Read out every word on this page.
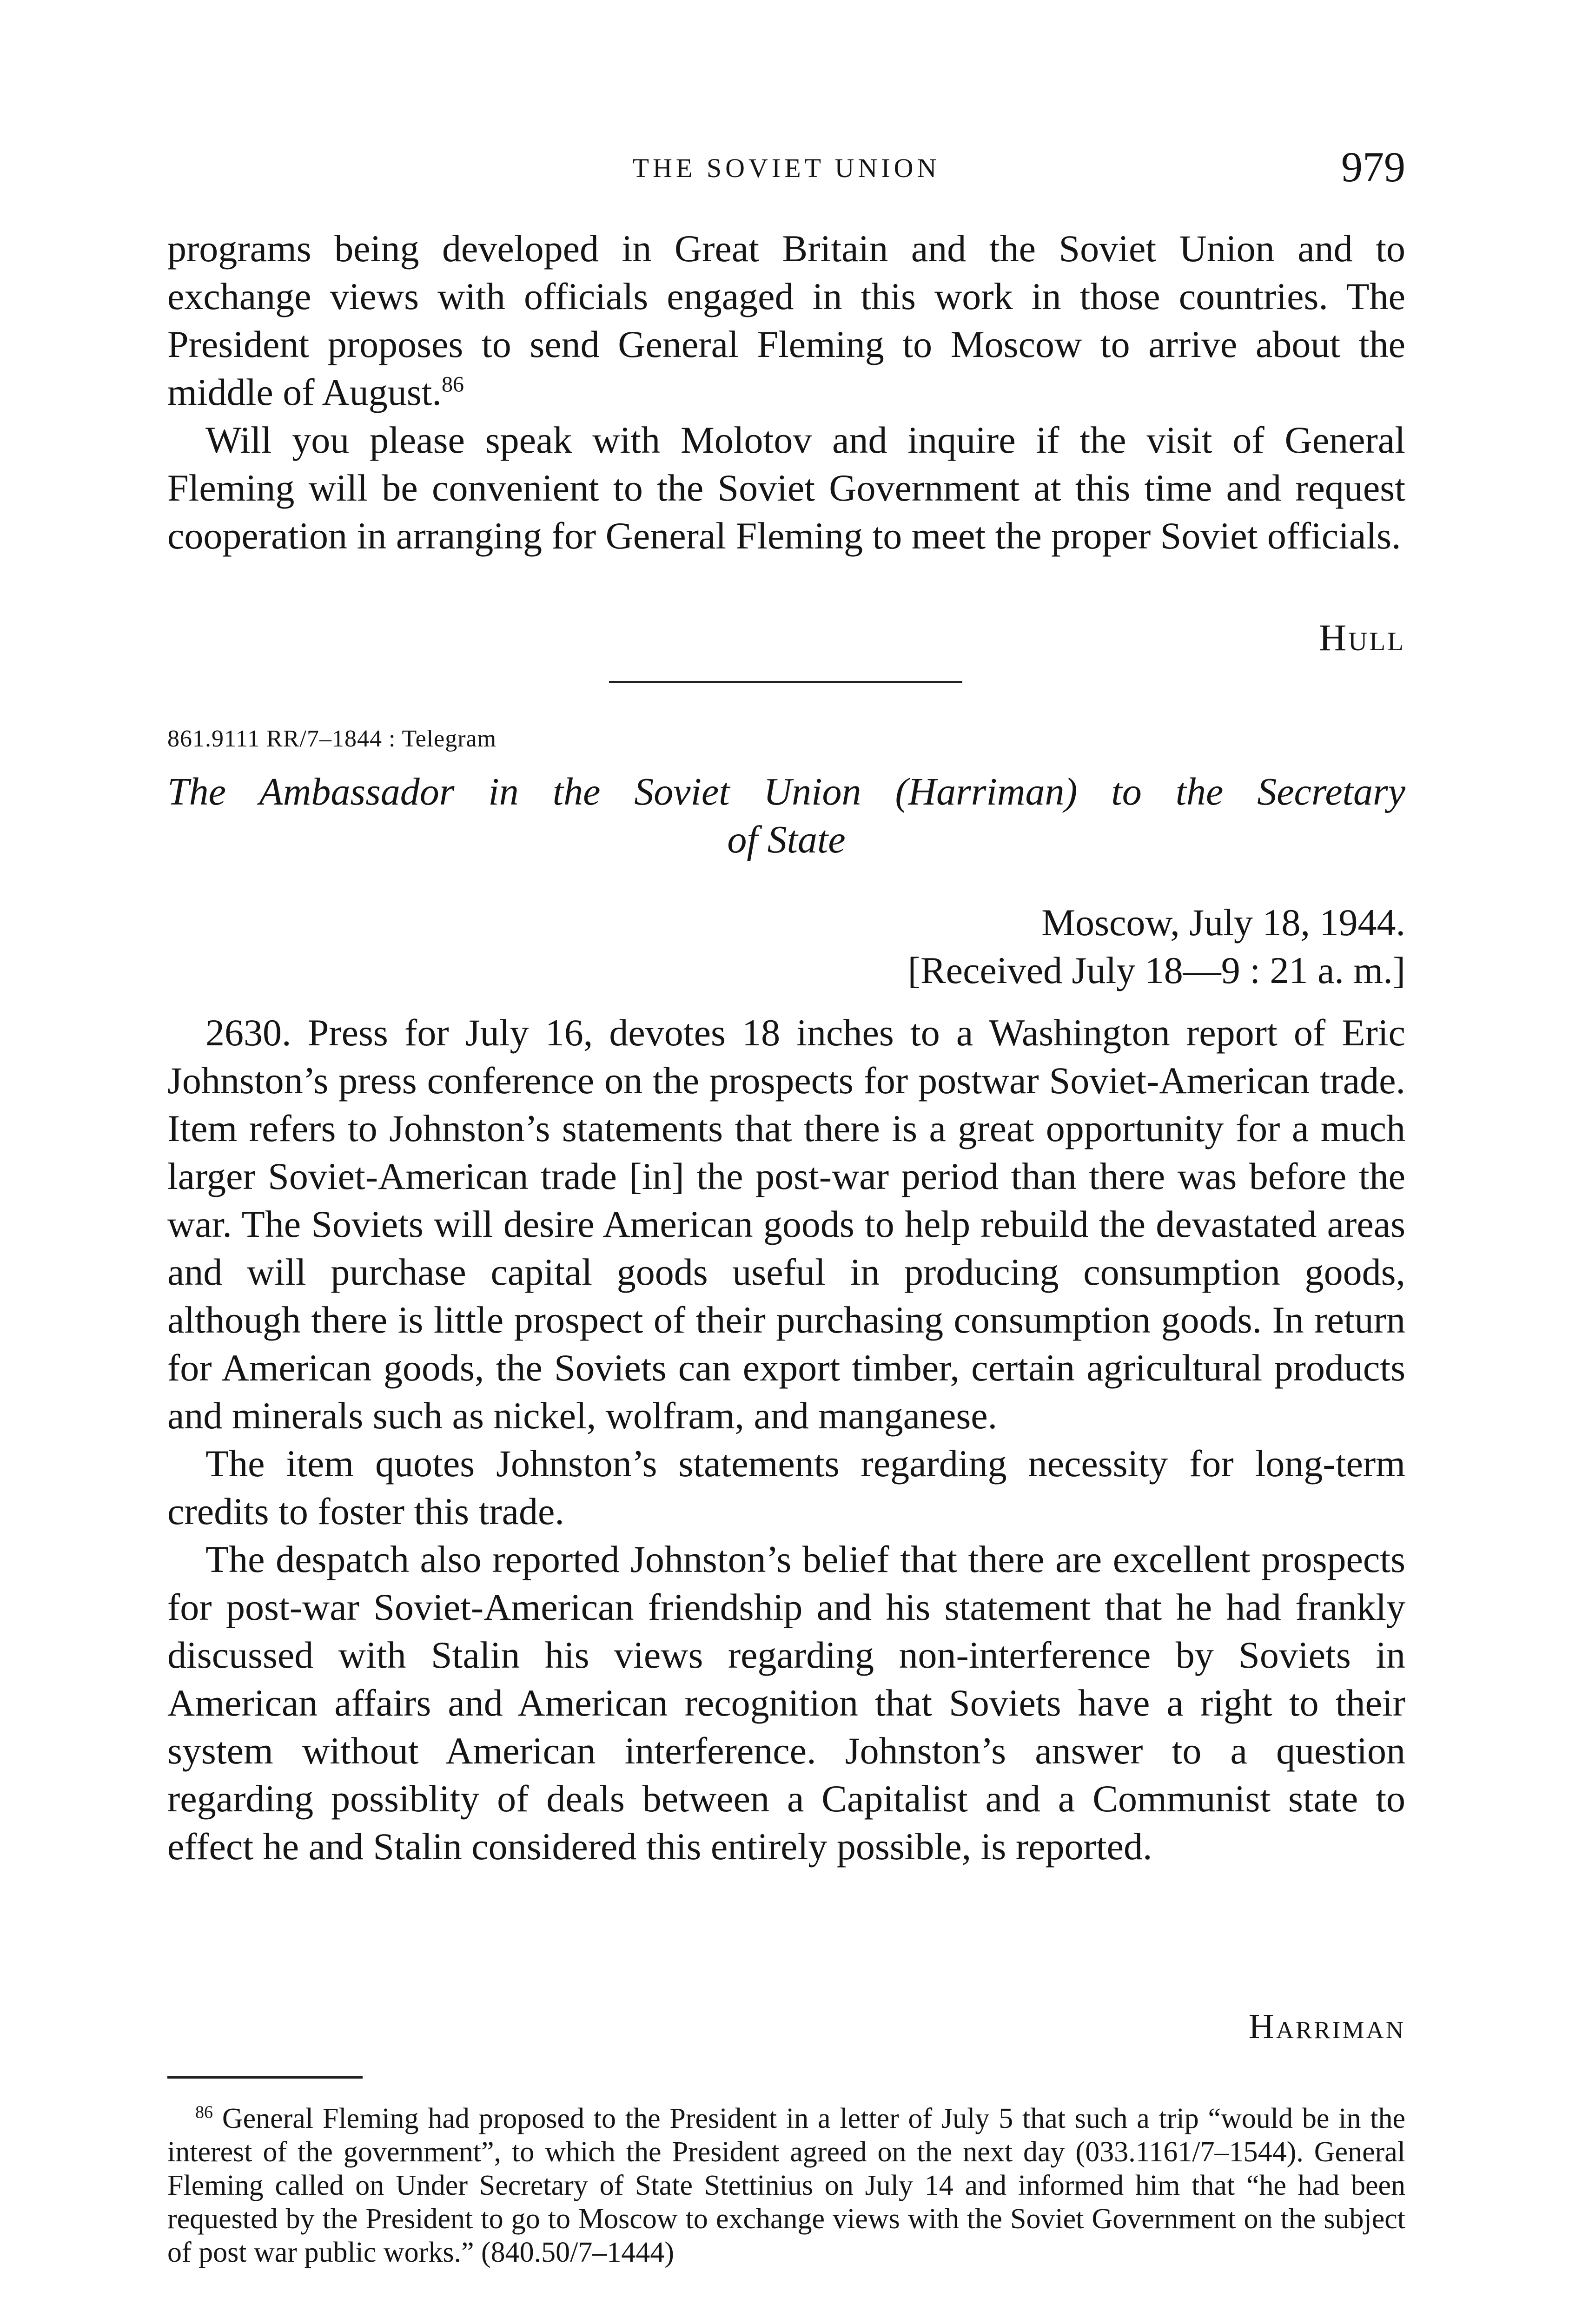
THE SOVIET UNION	979

programs being developed in Great Britain and the Soviet Union and to exchange views with officials engaged in this work in those countries. The President proposes to send General Fleming to Moscow to arrive about the middle of August.$^{86}$

Will you please speak with Molotov and inquire if the visit of General Fleming will be convenient to the Soviet Government at this time and request cooperation in arranging for General Fleming to meet the proper Soviet officials.

Hull
861.9111 RR/7–1844 : Telegram
The Ambassador in the Soviet Union (Harriman) to the Secretary
of State
Moscow, July 18, 1944.
[Received July 18—9 : 21 a. m.]

2630. Press for July 16, devotes 18 inches to a Washington report of Eric Johnston’s press conference on the prospects for postwar Soviet-American trade. Item refers to Johnston’s statements that there is a great opportunity for a much larger Soviet-American trade [in] the post-war period than there was before the war. The Soviets will desire American goods to help rebuild the devastated areas and will purchase capital goods useful in producing consumption goods, although there is little prospect of their purchasing consumption goods. In return for American goods, the Soviets can export timber, certain agricultural products and minerals such as nickel, wolfram, and manganese.

The item quotes Johnston’s statements regarding necessity for long-term credits to foster this trade.

The despatch also reported Johnston’s belief that there are excellent prospects for post-war Soviet-American friendship and his statement that he had frankly discussed with Stalin his views regarding non-interference by Soviets in American affairs and American recognition that Soviets have a right to their system without American interference. Johnston’s answer to a question regarding possiblity of deals between a Capitalist and a Communist state to effect he and Stalin considered this entirely possible, is reported.

Harriman

$^{86}$ General Fleming had proposed to the President in a letter of July 5 that such a trip “would be in the interest of the government”, to which the President agreed on the next day (033.1161/7–1544). General Fleming called on Under Secretary of State Stettinius on July 14 and informed him that “he had been requested by the President to go to Moscow to exchange views with the Soviet Government on the subject of post war public works.” (840.50/7–1444)
